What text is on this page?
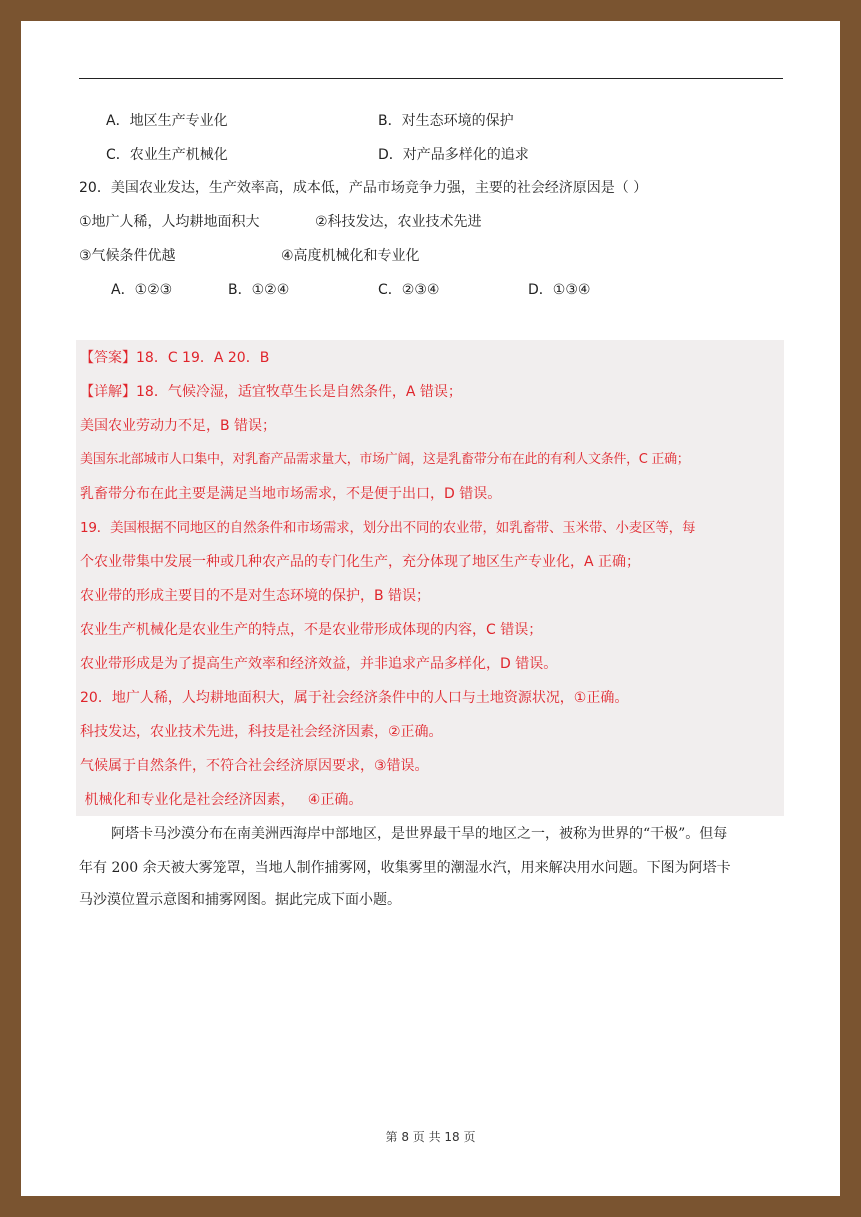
A．地区生产专业化	B．对生态环境的保护
C．农业生产机械化	D．对产品多样化的追求
20．美国农业发达，生产效率高，成本低，产品市场竞争力强，主要的社会经济原因是（ ）
①地广人稀，人均耕地面积大	②科技发达，农业技术先进
③气候条件优越	④高度机械化和专业化
A．①②③	B．①②④	C．②③④	D．①③④
【答案】18．C 19．A 20．B
【详解】18．气候冷湿，适宜牧草生长是自然条件，A 错误；
美国农业劳动力不足，B 错误；
美国东北部城市人口集中，对乳畜产品需求量大，市场广阔，这是乳畜带分布在此的有利人文条件，C 正确；
乳畜带分布在此主要是满足当地市场需求，不是便于出口，D 错误。
19．美国根据不同地区的自然条件和市场需求，划分出不同的农业带，如乳畜带、玉米带、小麦区等，每
个农业带集中发展一种或几种农产品的专门化生产，充分体现了地区生产专业化，A 正确；
农业带的形成主要目的不是对生态环境的保护，B 错误；
农业生产机械化是农业生产的特点，不是农业带形成体现的内容，C 错误；
农业带形成是为了提高生产效率和经济效益，并非追求产品多样化，D 错误。
20．地广人稀，人均耕地面积大，属于社会经济条件中的人口与土地资源状况，①正确。
科技发达，农业技术先进，科技是社会经济因素，②正确。
气候属于自然条件，不符合社会经济原因要求，③错误。
机械化和专业化是社会经济因素，   ④正确。
阿塔卡马沙漠分布在南美洲西海岸中部地区，是世界最干旱的地区之一，被称为世界的“干极”。但每
年有 200 余天被大雾笼罩，当地人制作捕雾网，收集雾里的潮湿水汽，用来解决用水问题。下图为阿塔卡
马沙漠位置示意图和捕雾网图。据此完成下面小题。
第 8 页 共 18 页
